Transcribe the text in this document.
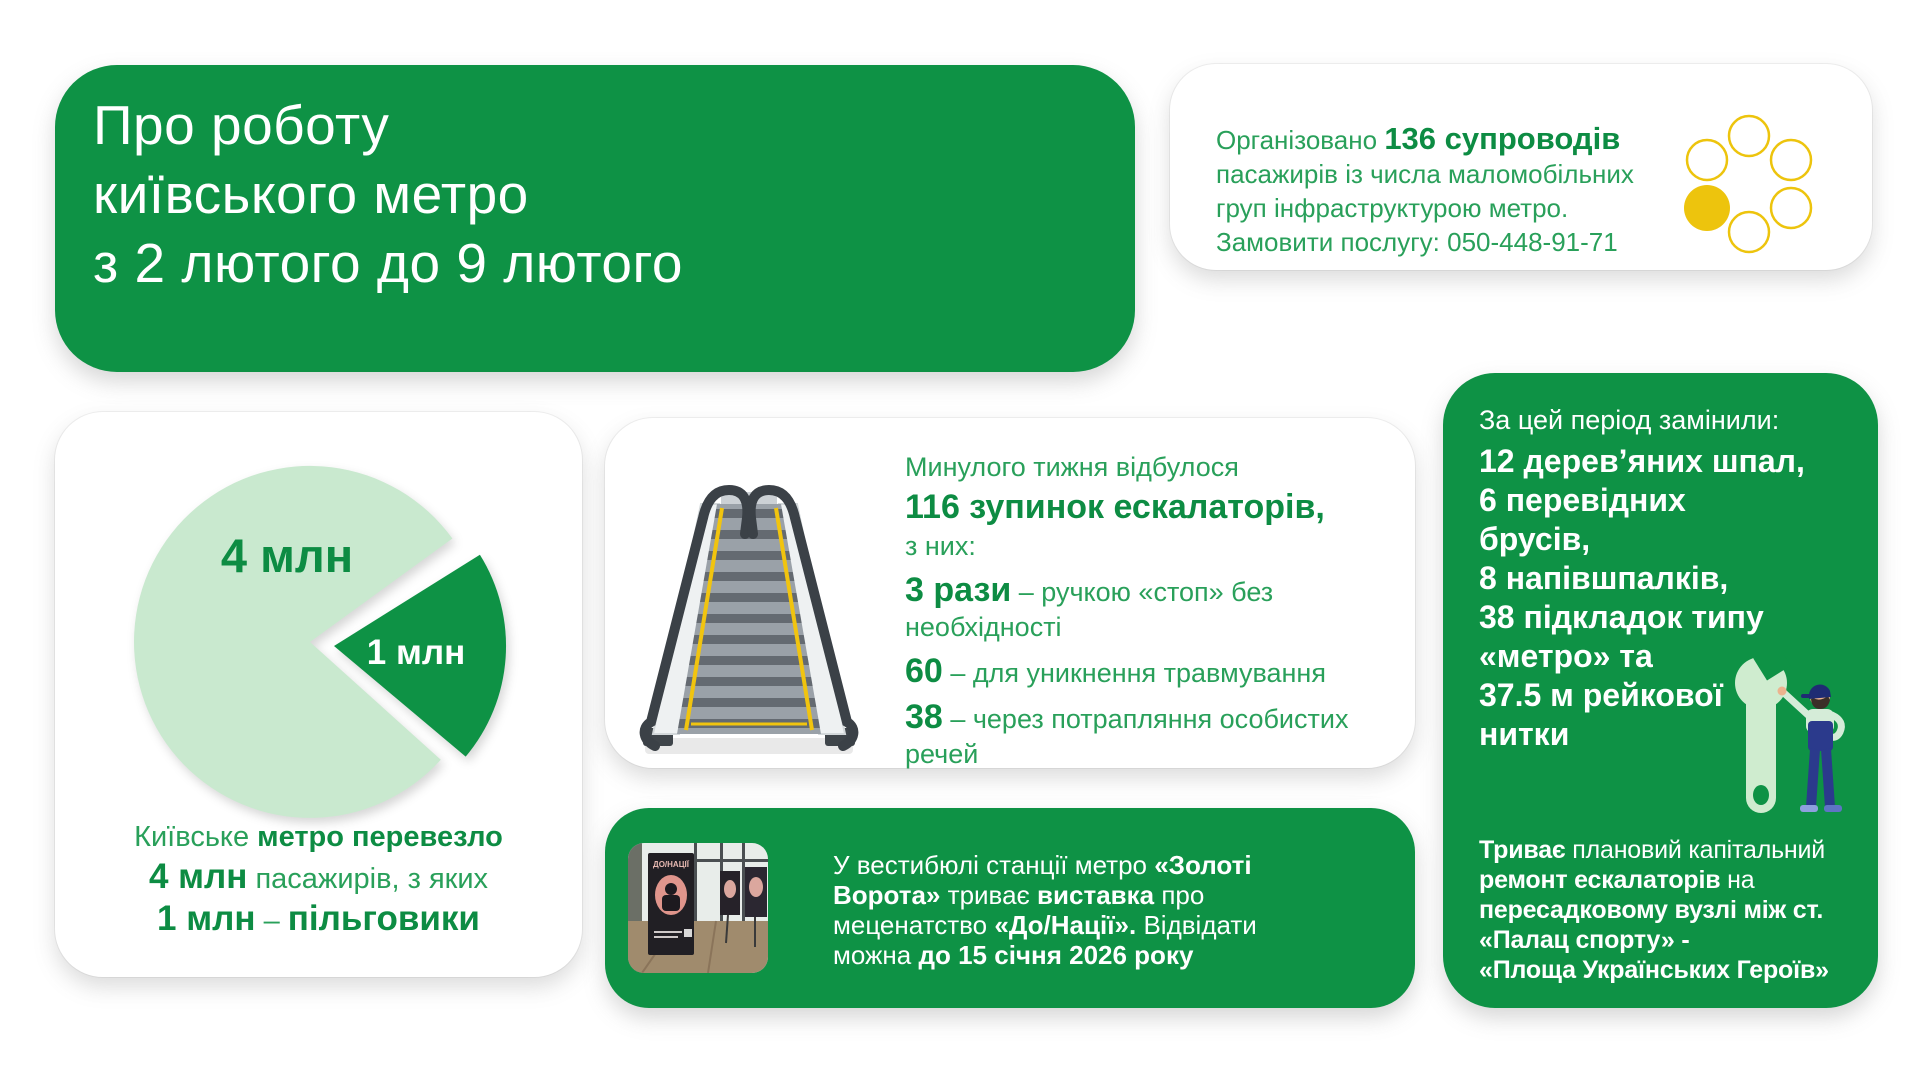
Про роботу
київського метро
з 2 лютого до 9 лютого

Організовано 136 супроводів

пасажирів із числа маломобільних

груп інфраструктурою метро.

Замовити послугу: 050-448-91-71

4 млн
1 млн

Київське метро перевезло

4 млн пасажирів, з яких

1 млн – пільговики

Минулого тижня відбулося

116 зупинок ескалаторів,

з них:

3 рази – ручкою «стоп» без

необхідності

60 – для уникнення травмування

38 – через потрапляння особистих

речей

ДО/НАЦІЇ	У вестибюлі станції метро «Золоті

Ворота» триває виставка про

меценатство «До/Нації». Відвідати

можна до 15 січня 2026 року

За цей період замінили:

12 дерев’яних шпал,

6 перевідних

брусів,

8 напівшпалків,

38 підкладок типу

«метро» та

37.5 м рейкової

нитки

Триває плановий капітальний

ремонт ескалаторів на

пересадковому вузлі між ст.

«Палац спорту» -

«Площа Українських Героїв»
